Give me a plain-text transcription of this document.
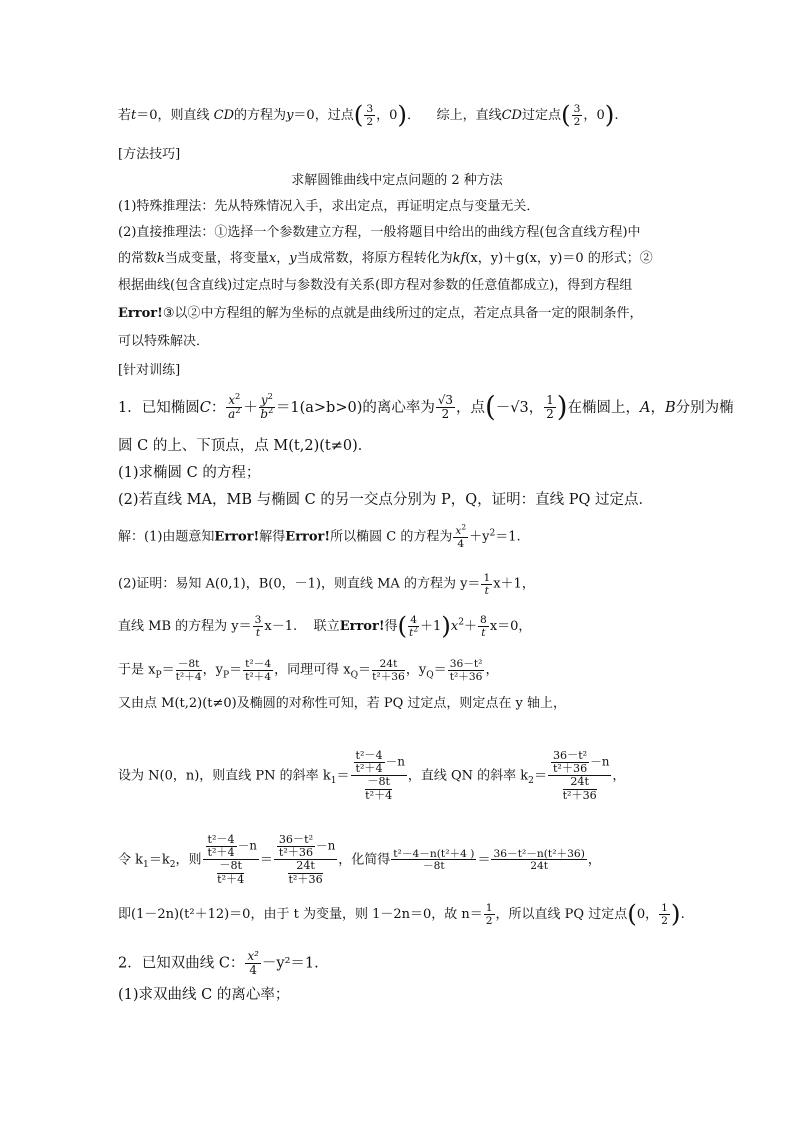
若t＝0，则直线 CD的方程为y＝0，过点( $\frac{3}{2}$ ，0)．    综上，直线CD过定点( $\frac{3}{2}$ ，0).
[方法技巧]
求解圆锥曲线中定点问题的 2 种方法
(1)特殊推理法：先从特殊情况入手，求出定点，再证明定点与变量无关．
(2)直接推理法：①选择一个参数建立方程，一般将题目中给出的曲线方程(包含直线方程)中
的常数k当成变量，将变量x，y当成常数，将原方程转化为kf(x，y)＋g(x，y)＝0 的形式；②
根据曲线(包含直线)过定点时与参数没有关系(即方程对参数的任意值都成立)，得到方程组
Error!③以②中方程组的解为坐标的点就是曲线所过的定点，若定点具备一定的限制条件，
可以特殊解决．
[针对训练]
1．已知椭圆C： $\frac{x^2}{a^2} + \frac{y^2}{b^2} =1(a>b>0)$的离心率为 $\frac{√3}{2}$ ，点(－√3， $\frac{1}{2}$ )在椭圆上，A，B分别为椭
圆 C 的上、下顶点，点 M(t,2)(t≠0)．
(1)求椭圆 C 的方程；
(2)若直线 MA，MB 与椭圆 C 的另一交点分别为 P，Q，证明：直线 PQ 过定点．
解：(1)由题意知Error!解得Error!所以椭圆 C 的方程为 $\frac{x^2}{4} +y^2=1$.
(2)证明：易知 A(0,1)，B(0，－1)，则直线 MA 的方程为 $y= \frac{1}{t} x+1$，
直线 MB 的方程为 $y= \frac{3}{t} x-1$. 联立Error!得( $\frac{4}{t^2} +1)x^2+ \frac{8}{t} x=0$，
于是 $x_P= \frac{-8t}{\text{t²＋4}}$ ，$y_P= \frac{\text{t²－4}}{\text{t²＋4}}$ ，同理可得 $x_Q= \frac{24t}{\text{t²＋36}}$ ，$y_Q= \frac{\text{36－t²}}{\text{t²＋36}}$ ，
又由点 M(t,2)(t≠0)及椭圆的对称性可知，若 PQ 过定点，则定点在 y 轴上，
设为 N(0，n)，则直线 PN 的斜率 $k_1= \frac{\frac{\text{t²－4}}{\text{t²＋4}} -n}{\frac{-8t}{\text{t²＋4}}}$ ，直线 QN 的斜率 $k_2= \frac{\frac{\text{36－t²}}{\text{t²＋36}} -n}{\frac{24t}{\text{t²＋36}}}$ ，
令 $k_1=k_2$，则 $\frac{\frac{\text{t²－4}}{\text{t²＋4}} -n}{\frac{-8t}{\text{t²＋4}}} = \frac{\frac{\text{36－t²}}{\text{t²＋36}} -n}{\frac{24t}{\text{t²＋36}}}$ ，化简得 $\frac{\text{t²－4－n(t²＋4 )}}{-8t} = \frac{\text{36－t²－n(t²＋36)}}{24t}$ ，
即(1－2n)(t²＋12)＝0，由于 t 为变量，则 1－2n＝0，故 $n= \frac{1}{2}$ ，所以直线 PQ 过定点(0， $\frac{1}{2}$ ).
2．已知双曲线 C： $\frac{\text{x²}}{4} -y^2=1$.
(1)求双曲线 C 的离心率；
